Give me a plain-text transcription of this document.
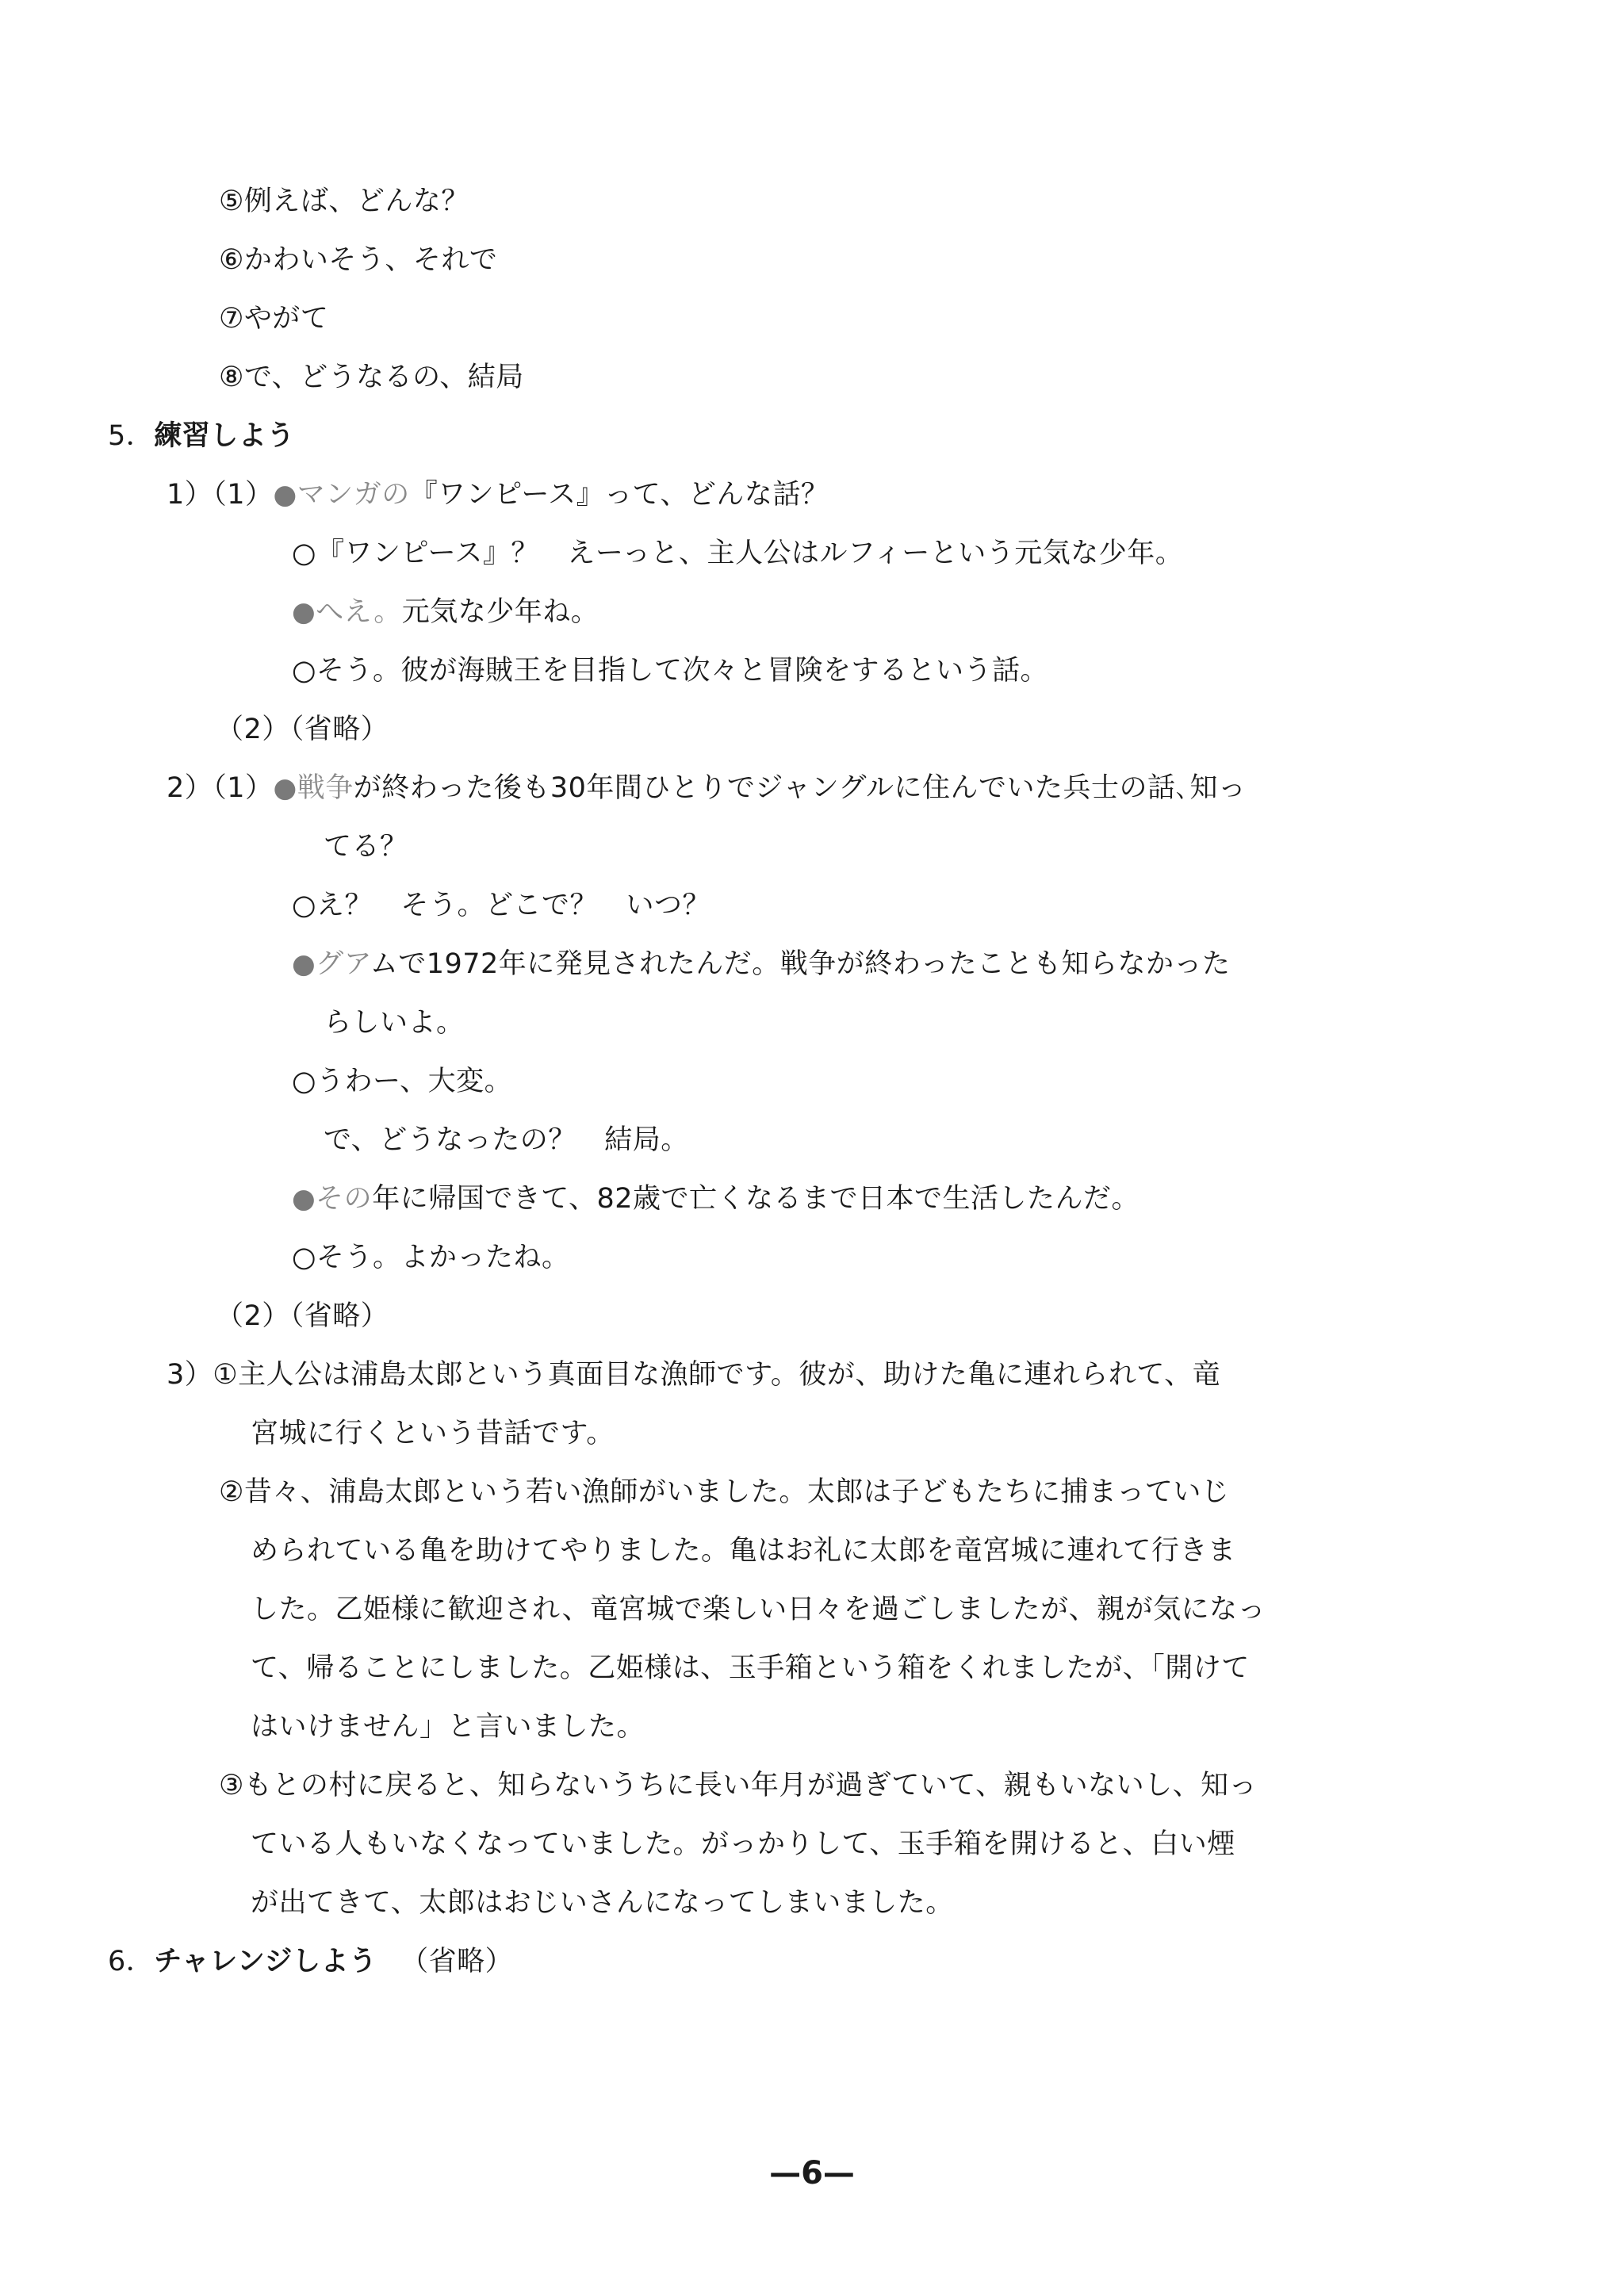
⑤例えば、どんな？
⑥かわいそう、それで
⑦やがて
⑧で、どうなるの、結局
5．練習しよう
1）（1）●マンガの『ワンピース』って、どんな話？
○『ワンピース』？　えーっと、主人公はルフィーという元気な少年。
●へえ。元気な少年ね。
○そう。彼が海賊王を目指して次々と冒険をするという話。
（2）（省略）
2）（1）●戦争が終わった後も30年間ひとりでジャングルに住んでいた兵士の話､知っ
てる？
○え？　そう。どこで？　いつ？
●グアムで1972年に発見されたんだ。戦争が終わったことも知らなかった
らしいよ。
○うわー、大変。
で、どうなったの？　結局。
●その年に帰国できて、82歳で亡くなるまで日本で生活したんだ。
○そう。よかったね。
（2）（省略）
3）①主人公は浦島太郎という真面目な漁師です。彼が、助けた亀に連れられて、竜
宮城に行くという昔話です。
②昔々、浦島太郎という若い漁師がいました。太郎は子どもたちに捕まっていじ
められている亀を助けてやりました。亀はお礼に太郎を竜宮城に連れて行きま
した。乙姫様に歓迎され、竜宮城で楽しい日々を過ごしましたが、親が気になっ
て、帰ることにしました。乙姫様は、玉手箱という箱をくれましたが、「開けて
はいけません」と言いました。
③もとの村に戻ると、知らないうちに長い年月が過ぎていて、親もいないし、知っ
ている人もいなくなっていました。がっかりして、玉手箱を開けると、白い煙
が出てきて、太郎はおじいさんになってしまいました。
6．チャレンジしよう （省略）
—6—
